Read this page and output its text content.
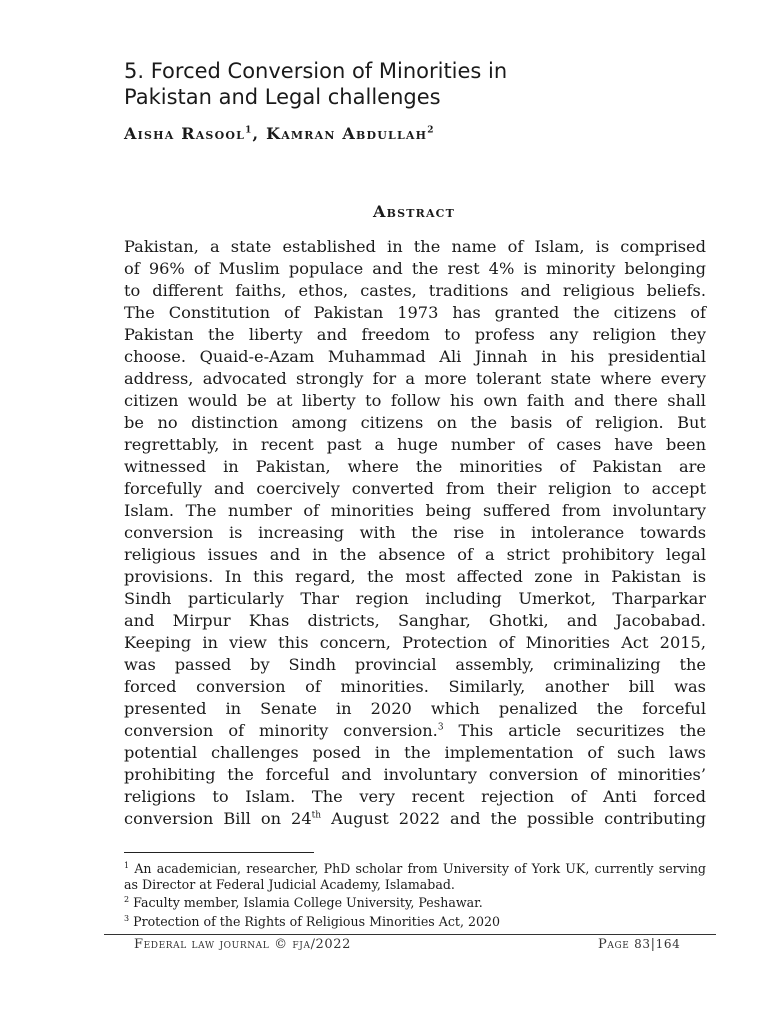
5. Forced Conversion of Minorities in
Pakistan and Legal challenges
Aisha Rasool$^1$, Kamran Abdullah$^2$
Abstract
Pakistan, a state established in the name of Islam, is comprised
of 96% of Muslim populace and the rest 4% is minority belonging
to different faiths, ethos, castes, traditions and religious beliefs.
The Constitution of Pakistan 1973 has granted the citizens of
Pakistan the liberty and freedom to profess any religion they
choose. Quaid-e-Azam Muhammad Ali Jinnah in his presidential
address, advocated strongly for a more tolerant state where every
citizen would be at liberty to follow his own faith and there shall
be no distinction among citizens on the basis of religion. But
regrettably, in recent past a huge number of cases have been
witnessed in Pakistan, where the minorities of Pakistan are
forcefully and coercively converted from their religion to accept
Islam. The number of minorities being suffered from involuntary
conversion is increasing with the rise in intolerance towards
religious issues and in the absence of a strict prohibitory legal
provisions. In this regard, the most affected zone in Pakistan is
Sindh particularly Thar region including Umerkot, Tharparkar
and Mirpur Khas districts, Sanghar, Ghotki, and Jacobabad.
Keeping in view this concern, Protection of Minorities Act 2015,
was passed by Sindh provincial assembly, criminalizing the
forced conversion of minorities. Similarly, another bill was
presented in Senate in 2020 which penalized the forceful
conversion of minority conversion.$^3$ This article securitizes the
potential challenges posed in the implementation of such laws
prohibiting the forceful and involuntary conversion of minorities’
religions to Islam. The very recent rejection of Anti forced
conversion Bill on 24th August 2022 and the possible contributing
$^1$ An academician, researcher, PhD scholar from University of York UK, currently serving as Director at Federal Judicial Academy, Islamabad.
$^2$ Faculty member, Islamia College University, Peshawar.
$^3$ Protection of the Rights of Religious Minorities Act, 2020
Federal law journal © fja/2022	Page 83|164
